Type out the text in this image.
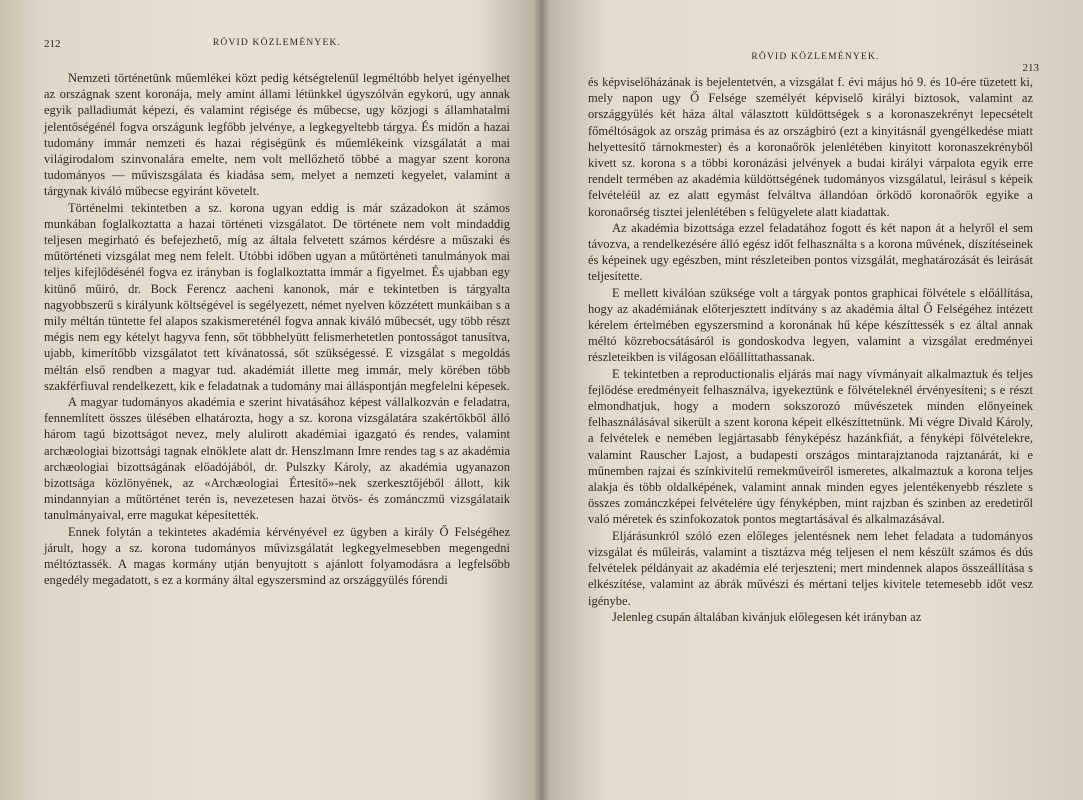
212	RÖVID KÖZLEMÉNYEK.

Nemzeti történetünk műemlékei közt pedig kétségtelenül legméltóbb helyet igényelhet az országnak szent koronája, mely amint állami létünkkel úgyszólván egykorú, ugy annak egyik palladiumát képezi, és valamint régisége és műbecse, ugy közjogi s államhatalmi jelentőségénél fogva országunk legfőbb jelvénye, a legkegyeltebb tárgya. És midőn a hazai tudomány immár nemzeti és hazai régiségünk és műemlékeink vizsgálatát a mai világirodalom szinvonalára emelte, nem volt mellőzhető többé a magyar szent korona tudományos — műviszsgálata és kiadása sem, melyet a nemzeti kegyelet, valamint a tárgynak kiváló műbecse egyiránt követelt.

Történelmi tekintetben a sz. korona ugyan eddig is már századokon át számos munkában foglalkoztatta a hazai történeti vizsgálatot. De története nem volt mindaddig teljesen megirható és befejezhető, míg az általa felvetett számos kérdésre a műszaki és műtörténeti vizsgálat meg nem felelt. Utóbbi időben ugyan a műtörténeti tanulmányok mai teljes kifejlődésénél fogva ez irányban is foglalkoztatta immár a figyelmet. És ujabban egy kitünő műiró, dr. Bock Ferencz aacheni kanonok, már e tekintetben is tárgyalta nagyobbszerű s királyunk költségével is segélyezett, német nyelven közzétett munkáiban s a mily méltán tüntette fel alapos szakismereténél fogva annak kiváló műbecsét, ugy több részt mégis nem egy kételyt hagyva fenn, sőt többhelyütt felismerhetetlen pontosságot tanusítva, ujabb, kimerítőbb vizsgálatot tett kívánatossá, sőt szükségessé. E vizsgálat s megoldás méltán első rendben a magyar tud. akadémiát illette meg immár, mely körében több szakférfiuval rendelkezett, kik e feladatnak a tudomány mai álláspontján megfelelni képesek.

A magyar tudományos akadémia e szerint hivatásához képest vállalkozván e feladatra, fennemlített összes ülésében elhatározta, hogy a sz. korona vizsgálatára szakértőkből álló három tagú bizottságot nevez, mely alulirott akadémiai igazgató és rendes, valamint archæologiai bizottsági tagnak elnöklete alatt dr. Henszlmann Imre rendes tag s az akadémia archæologiai bizottságának előadójából, dr. Pulszky Károly, az akadémia ugyanazon bizottsága közlönyének, az «Archæologiai Értesítő»-nek szerkesztőjéből állott, kik mindannyian a műtörténet terén is, nevezetesen hazai ötvös- és zománczmű vizsgálataik tanulmányaival, erre magukat képesítették.

Ennek folytán a tekintetes akadémia kérvényével ez ügyben a király Ő Felségéhez járult, hogy a sz. korona tudományos művizsgálatát legkegyelmesebben megengedni méltóztassék. A magas kormány utján benyujtott s ajánlott folyamodásra a legfelsőbb engedély megadatott, s ez a kormány által egyszersmind az országgyülés fórendi

RÖVID KÖZLEMÉNYEK.
213

és képviselőházának is bejelentetvén, a vizsgálat f. évi május hó 9. és 10-ére tüzetett ki, mely napon ugy Ő Felsége személyét képviselő királyi biztosok, valamint az országgyülés két háza által választott küldöttségek s a koronaszekrényt lepecsételt főméltóságok az ország primása és az országbiró (ezt a kinyitásnál gyengélkedése miatt helyettesítő tárnokmester) és a koronaőrök jelenlétében kinyitott koronaszekrényből kivett sz. korona s a többi koronázási jelvények a budai királyi várpalota egyik erre rendelt termében az akadémia küldöttségének tudományos vizsgálatul, leirásul s képeik felvételéül az ez alatt egymást felváltva állandóan őrködő koronaőrök egyike a koronaőrség tisztei jelenlétében s felügyelete alatt kiadattak.

Az akadémia bizottsága ezzel feladatához fogott és két napon át a helyről el sem távozva, a rendelkezésére álló egész időt felhasználta s a korona művének, díszítéseinek és képeinek ugy egészben, mint részleteiben pontos vizsgálát, meghatározását és leirását teljesítette.

E mellett kiválóan szüksége volt a tárgyak pontos graphicai fölvétele s előállítása, hogy az akadémiának előterjesztett indítvány s az akadémia által Ő Felségéhez intézett kérelem értelmében egyszersmind a koronának hű képe készíttessék s ez által annak méltó közrebocsátásáról is gondoskodva legyen, valamint a vizsgálat eredményei részleteikben is világosan előállíttathassanak.

E tekintetben a reproductionalis eljárás mai nagy vívmányait alkalmaztuk és teljes fejlődése eredményeit felhasználva, igyekeztünk e fölvételeknél érvényesíteni; s e részt elmondhatjuk, hogy a modern sokszorozó művészetek minden előnyeinek felhasználásával sikerült a szent korona képeit elkészíttetnünk. Mi végre Divald Károly, a felvételek e nemében legjártasabb fényképész hazánkfiát, a fényképi fölvételekre, valamint Rauscher Lajost, a budapesti országos mintarajztanoda rajztanárát, ki e műnemben rajzai és színkivitelű remekműveiről ismeretes, alkalmaztuk a korona teljes alakja és több oldalképének, valamint annak minden egyes jelentékenyebb részlete s összes zománczképei felvételére úgy fényképben, mint rajzban és szinben az eredetiről való méretek és szinfokozatok pontos megtartásával és alkalmazásával.

Eljárásunkról szóló ezen előleges jelentésnek nem lehet feladata a tudományos vizsgálat és műleirás, valamint a tisztázva még teljesen el nem készült számos és dús felvételek példányait az akadémia elé terjeszteni; mert mindennek alapos összeállítása s elkészítése, valamint az ábrák művészi és mértani teljes kivitele tetemesebb időt vesz igénybe.

Jelenleg csupán általában kivánjuk előlegesen két irányban az
